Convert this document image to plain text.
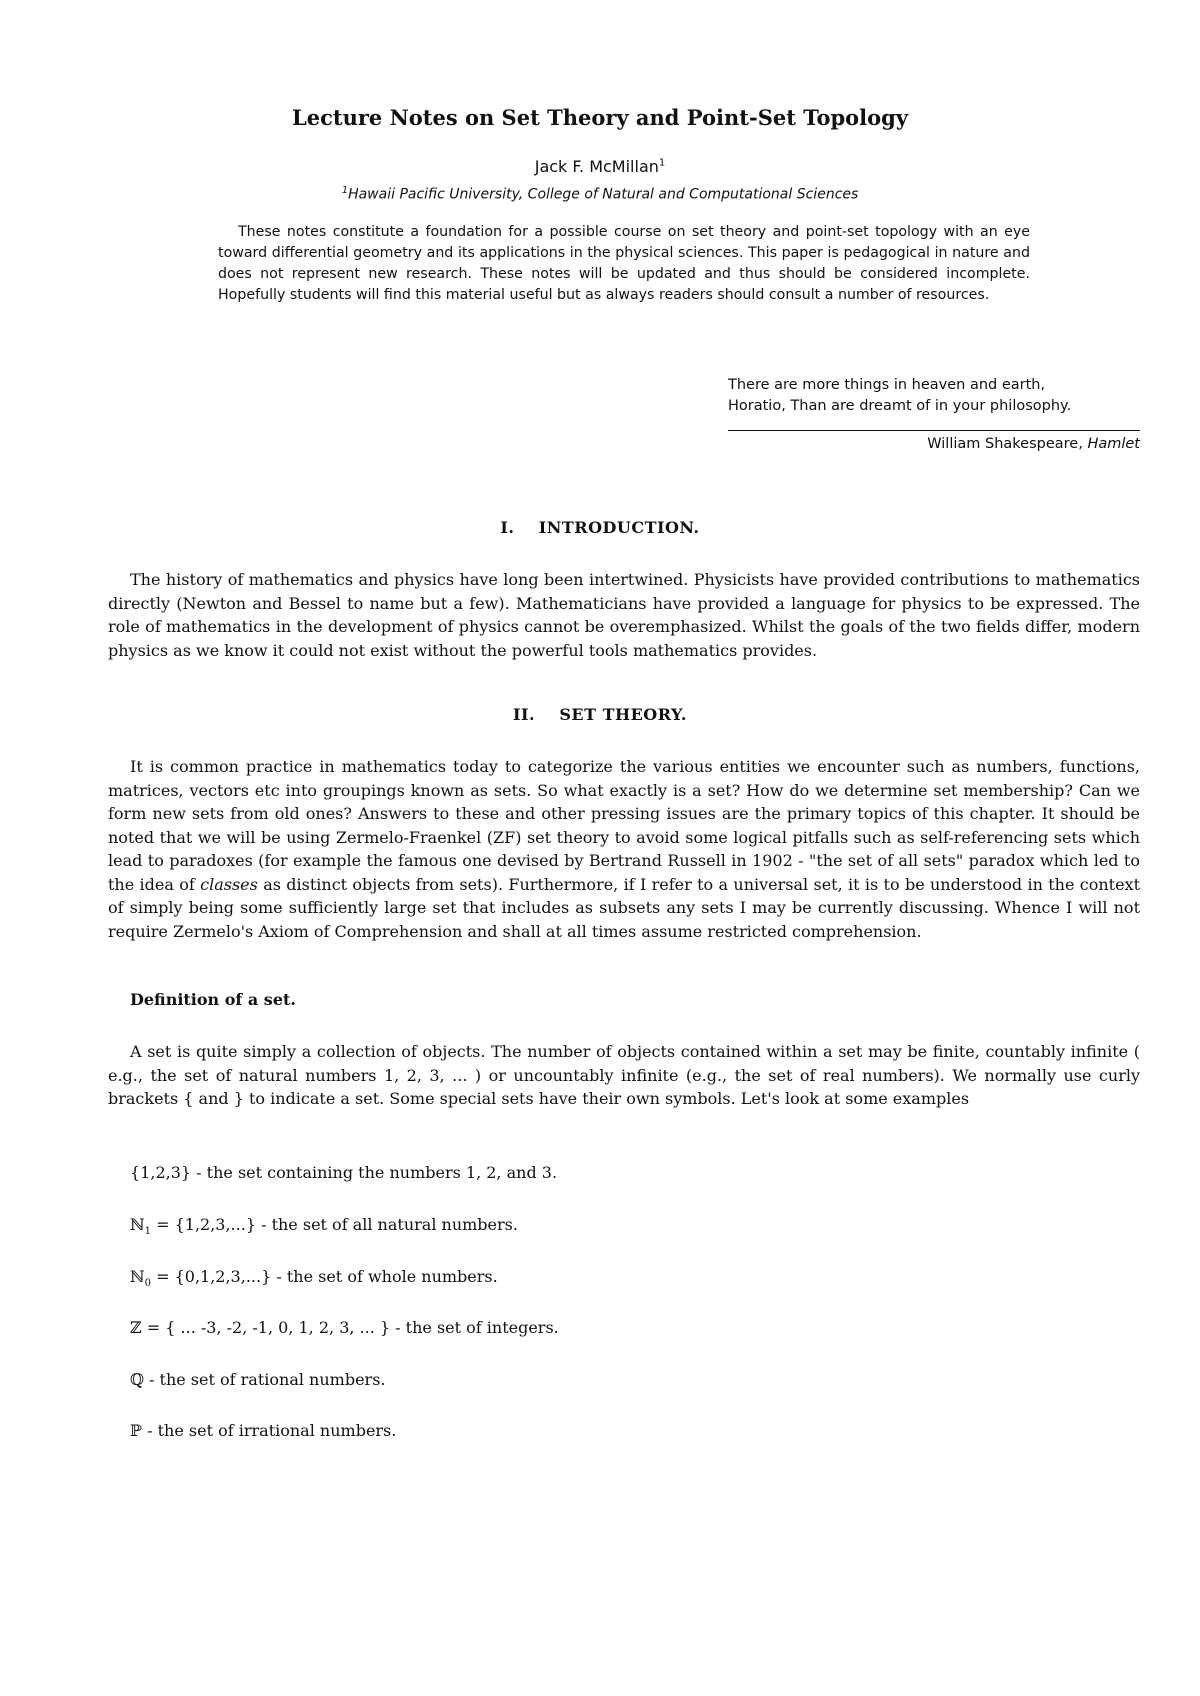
Lecture Notes on Set Theory and Point-Set Topology
Jack F. McMillan$^1$
$^1$Hawaii Pacific University, College of Natural and Computational Sciences

These notes constitute a foundation for a possible course on set theory and point-set topology with an eye toward differential geometry and its applications in the physical sciences. This paper is pedagogical in nature and does not represent new research. These notes will be updated and thus should be considered incomplete. Hopefully students will find this material useful but as always readers should consult a number of resources.

There are more things in heaven and earth,
Horatio, Than are dreamt of in your philosophy.
William Shakespeare, Hamlet
I.    INTRODUCTION.

The history of mathematics and physics have long been intertwined. Physicists have provided contributions to mathematics directly (Newton and Bessel to name but a few). Mathematicians have provided a language for physics to be expressed. The role of mathematics in the development of physics cannot be overemphasized. Whilst the goals of the two fields differ, modern physics as we know it could not exist without the powerful tools mathematics provides.

II.    SET THEORY.

It is common practice in mathematics today to categorize the various entities we encounter such as numbers, functions, matrices, vectors etc into groupings known as sets. So what exactly is a set? How do we determine set membership? Can we form new sets from old ones? Answers to these and other pressing issues are the primary topics of this chapter. It should be noted that we will be using Zermelo-Fraenkel (ZF) set theory to avoid some logical pitfalls such as self-referencing sets which lead to paradoxes (for example the famous one devised by Bertrand Russell in 1902 - "the set of all sets" paradox which led to the idea of classes as distinct objects from sets). Furthermore, if I refer to a universal set, it is to be understood in the context of simply being some sufficiently large set that includes as subsets any sets I may be currently discussing. Whence I will not require Zermelo's Axiom of Comprehension and shall at all times assume restricted comprehension.

Definition of a set.

A set is quite simply a collection of objects. The number of objects contained within a set may be finite, countably infinite ( e.g., the set of natural numbers 1, 2, 3, ... ) or uncountably infinite (e.g., the set of real numbers). We normally use curly brackets { and } to indicate a set. Some special sets have their own symbols. Let's look at some examples

{1,2,3} - the set containing the numbers 1, 2, and 3.
ℕ$_1$ = {1,2,3,...} - the set of all natural numbers.
ℕ$_0$ = {0,1,2,3,...} - the set of whole numbers.
ℤ = { ... -3, -2, -1, 0, 1, 2, 3, ... } - the set of integers.
ℚ - the set of rational numbers.
ℙ - the set of irrational numbers.
